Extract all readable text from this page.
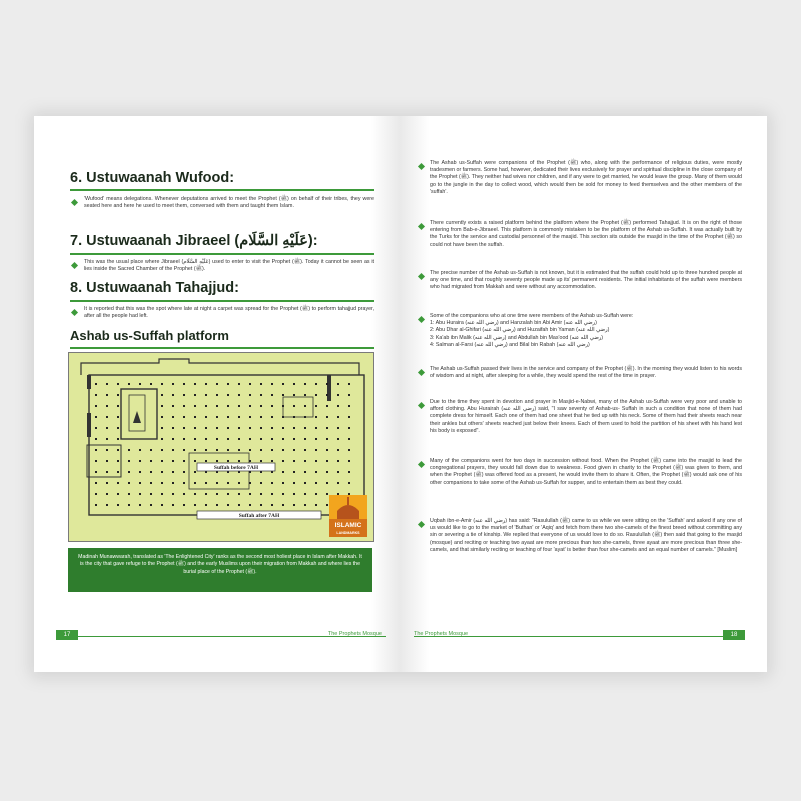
6. Ustuwaanah Wufood:
'Wufood' means delegations. Whenever deputations arrived to meet the Prophet (ﷺ) on behalf of their tribes, they were seated here and here he used to meet them, conversed with them and taught them Islam.
7. Ustuwaanah Jibraeel (عَلَيْهِ السَّلَام):
This was the usual place where Jibraeel (عَلَيْهِ السَّلَام) used to enter to visit the Prophet (ﷺ). Today it cannot be seen as it lies inside the Sacred Chamber of the Prophet (ﷺ).
8. Ustuwaanah Tahajjud:
It is reported that this was the spot where late at night a carpet was spread for the Prophet (ﷺ) to perform tahajjud prayer, after all the people had left.
Ashab us-Suffah platform
Suffah before 7AH
Suffah after 7AH
ISLAMIC
LANDMARKS
Madinah Munawwarah, translated as 'The Enlightened City' ranks as the second most holiest place in Islam after Makkah. It is the city that gave refuge to the Prophet (ﷺ) and the early Muslims upon their migration from Makkah and where lies the burial place of the Prophet (ﷺ).
17	The Prophets Mosque
The Ashab us-Suffah were companions of the Prophet (ﷺ) who, along with the performance of religious duties, were mostly tradesmen or farmers. Some had, however, dedicated their lives exclusively for prayer and spiritual discipline in the close company of the Prophet (ﷺ). They neither had wives nor children, and if any were to get married, he would leave the group. Many of them would go to the jungle in the day to collect wood, which would then be sold for money to feed themselves and the other members of the 'suffah'.
There currently exists a raised platform behind the platform where the Prophet (ﷺ) performed Tahajjud. It is on the right of those entering from Bab-e-Jibraeel. This platform is commonly mistaken to be the platform of the Ashab us-Suffah. It was actually built by the Turks for the service and custodial personnel of the masjid. This section sits outside the masjid in the time of the Prophet (ﷺ) so could not have been the suffah.
The precise number of the Ashab us-Suffah is not known, but it is estimated that the suffah could hold up to three hundred people at any one time, and that roughly seventy people made up its' permanent residents. The initial inhabitants of the suffah were members who had migrated from Makkah and were without any accommodation.

Some of the companions who at one time were members of the Ashab us-Suffah were:

1: Abu Huraira (رضي الله عنه) and Hanzalah bin Abi Amir (رضي الله عنه)

2: Abu Dhar al-Ghifari (رضي الله عنه) and Huzaifah bin Yaman (رضي الله عنه)

3: Ka'ab ibn Malik (رضي الله عنه) and Abdullah bin Mas'ood (رضي الله عنه)

4: Salman al-Farsi (رضي الله عنه) and Bilal bin Rabah (رضي الله عنه)

The Ashab us-Suffah passed their lives in the service and company of the Prophet (ﷺ). In the morning they would listen to his words of wisdom and at night, after sleeping for a while, they would spend the rest of the time in prayer.
Due to the time they spent in devotion and prayer in Masjid-e-Nabwi, many of the Ashab us-Suffah were very poor and unable to afford clothing. Abu Hurairah (رضي الله عنه) said, "I saw seventy of Ashab-us- Suffah in such a condition that none of them had complete dress for himself. Each one of them had one sheet that he tied up with his neck. Some of them had their sheets reach near their ankles but others' sheets reached just below their knees. Each of them used to hold the partition of his sheet with his hand lest his body is exposed".
Many of the companions went for two days in succession without food. When the Prophet (ﷺ) came into the masjid to lead the congregational prayers, they would fall down due to weakness. Food given in charity to the Prophet (ﷺ) was given to them, and when the Prophet (ﷺ) was offered food as a present, he would invite them to share it. Often, the Prophet (ﷺ) would ask one of his other companions to take some of the Ashab us-Suffah for supper, and to entertain them as best they could.
Uqbah ibn-e-Amir (رضي الله عنه) has said: "Rasulullah (ﷺ) came to us while we were sitting on the 'Suffah' and asked if any one of us would like to go to the market of 'Buthan' or 'Aqiq' and fetch from there two she-camels of the finest breed without committing any sin or severing a tie of kinship. We replied that everyone of us would love to do so. Rasulullah (ﷺ) then said that going to the masjid (mosque) and reciting or teaching two ayaat are more precious than two she-camels, three ayaat are more precious than three she-camels, and that similarly reciting or teaching of four 'ayat' is better than four she-camels and an equal number of camels." [Muslim]
The Prophets Mosque	18
